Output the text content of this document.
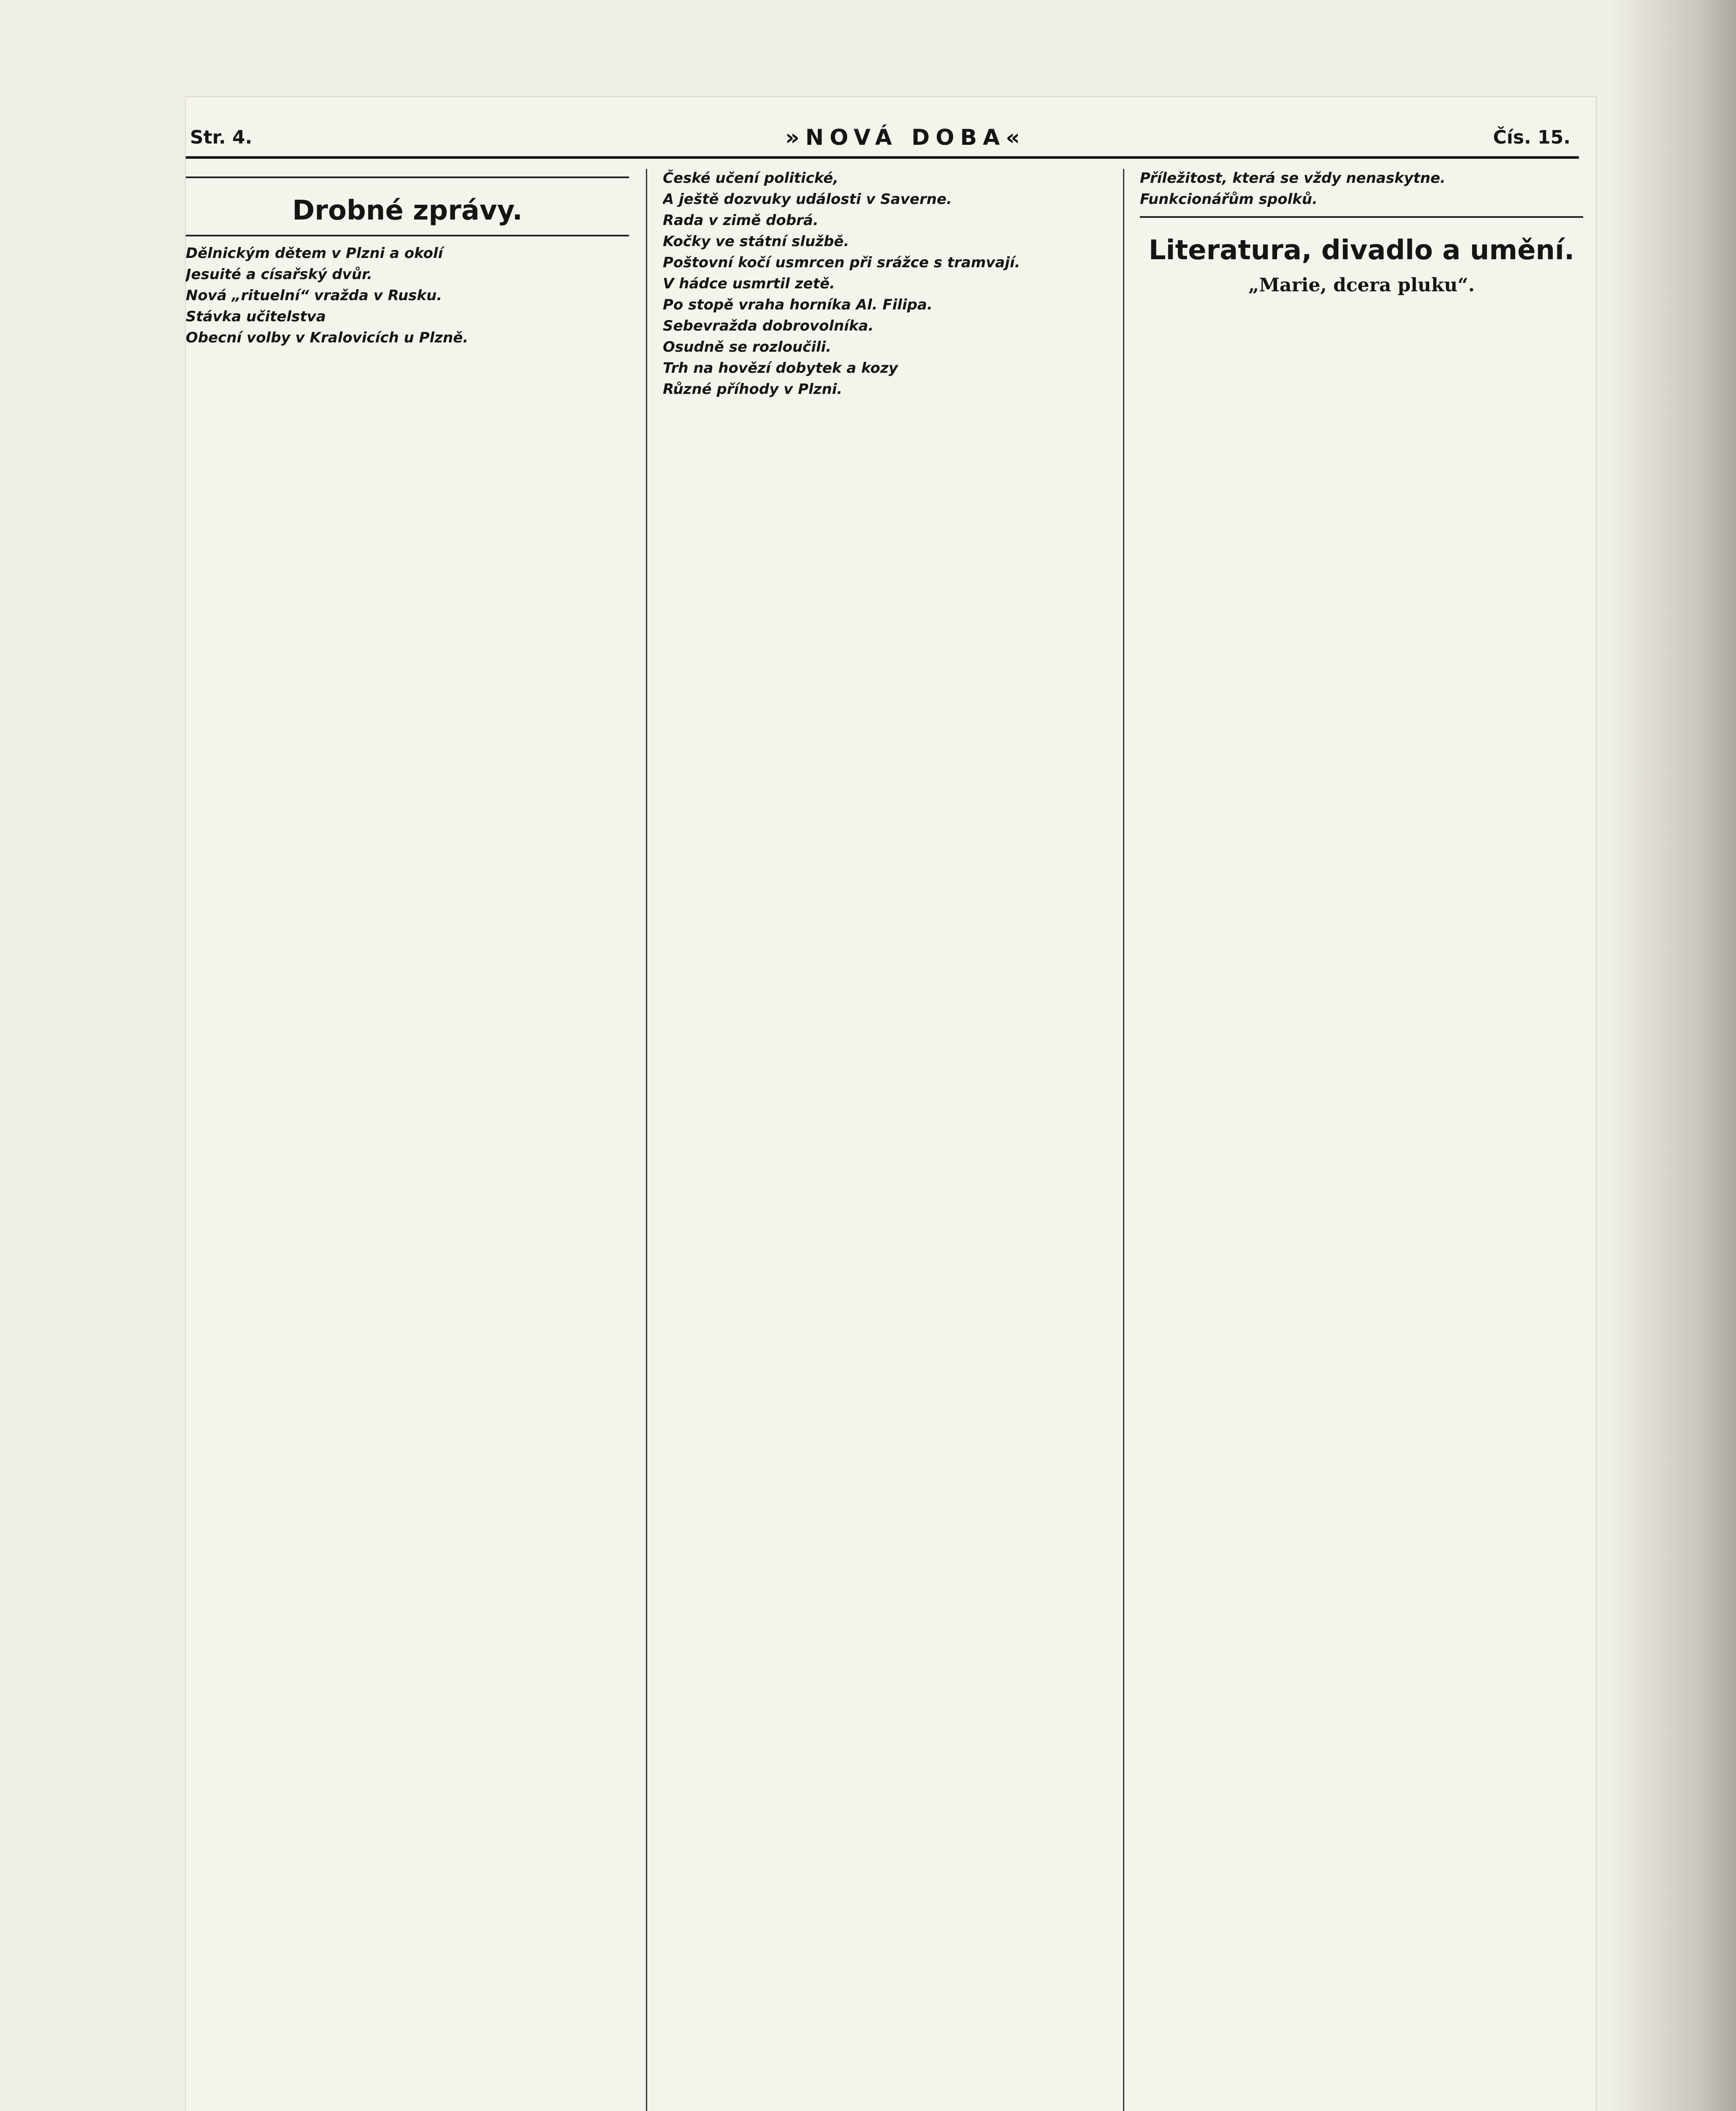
Str. 4.	»NOVÁ DOBA«	Čís. 15.
Drobné zprávy.

Dělnickým dětem v Plzni a okolí

Jesuité a císařský dvůr.

Nová „rituelní“ vražda v Rusku.

Stávka učitelstva

Obecní volby v Kralovicích u Plzně.

České učení politické,

A ještě dozvuky události v Saverne.

Rada v zimě dobrá.

Kočky ve státní službě.

Poštovní kočí usmrcen při srážce s tramvají.

V hádce usmrtil zetě.

Po stopě vraha horníka Al. Filipa.

Sebevražda dobrovolníka.

Osudně se rozloučili.

Trh na hovězí dobytek a kozy

Různé příhody v Plzni.

Příležitost, která se vždy nenaskytne.

Funkcionářům spolků.

Literatura, divadlo a umění.
„Marie, dcera pluku“.
